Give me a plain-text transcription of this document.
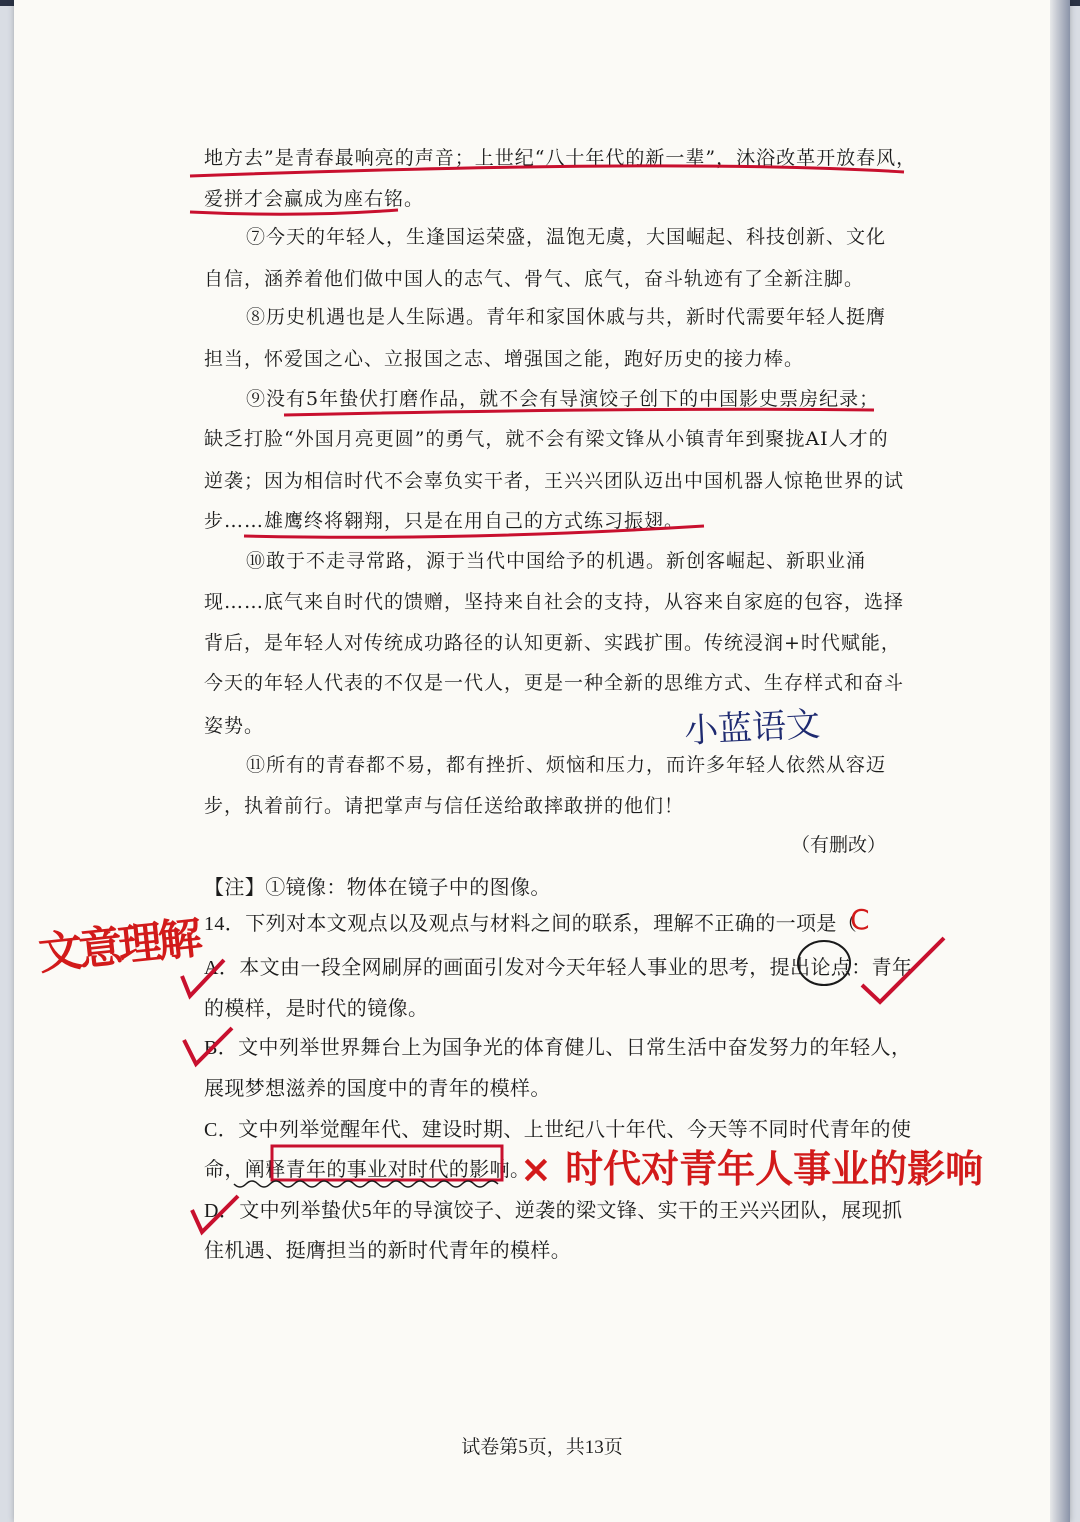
地方去”是青春最响亮的声音；上世纪“八十年代的新一辈”，沐浴改革开放春风，
爱拼才会赢成为座右铭。
⑦今天的年轻人，生逢国运荣盛，温饱无虞，大国崛起、科技创新、文化
自信，涵养着他们做中国人的志气、骨气、底气，奋斗轨迹有了全新注脚。
⑧历史机遇也是人生际遇。青年和家国休戚与共，新时代需要年轻人挺膺
担当，怀爱国之心、立报国之志、增强国之能，跑好历史的接力棒。
⑨没有5年蛰伏打磨作品，就不会有导演饺子创下的中国影史票房纪录；
缺乏打脸“外国月亮更圆”的勇气，就不会有梁文锋从小镇青年到聚拢AI人才的
逆袭；因为相信时代不会辜负实干者，王兴兴团队迈出中国机器人惊艳世界的试
步……雄鹰终将翱翔，只是在用自己的方式练习振翅。
⑩敢于不走寻常路，源于当代中国给予的机遇。新创客崛起、新职业涌
现……底气来自时代的馈赠，坚持来自社会的支持，从容来自家庭的包容，选择
背后，是年轻人对传统成功路径的认知更新、实践扩围。传统浸润+时代赋能，
今天的年轻人代表的不仅是一代人，更是一种全新的思维方式、生存样式和奋斗
姿势。
⑪所有的青春都不易，都有挫折、烦恼和压力，而许多年轻人依然从容迈
步，执着前行。请把掌声与信任送给敢摔敢拼的他们！
（有删改）
【注】①镜像：物体在镜子中的图像。
14．下列对本文观点以及观点与材料之间的联系，理解不正确的一项是（
A．本文由一段全网刷屏的画面引发对今天年轻人事业的思考，提出论点：青年
的模样，是时代的镜像。
B．文中列举世界舞台上为国争光的体育健儿、日常生活中奋发努力的年轻人，
展现梦想滋养的国度中的青年的模样。
C．文中列举觉醒年代、建设时期、上世纪八十年代、今天等不同时代青年的使
命，阐释青年的事业对时代的影响。
D．文中列举蛰伏5年的导演饺子、逆袭的梁文锋、实干的王兴兴团队，展现抓
住机遇、挺膺担当的新时代青年的模样。
试卷第5页，共13页
文意理解
× 时代对青年人事业的影响
C
小蓝语文
